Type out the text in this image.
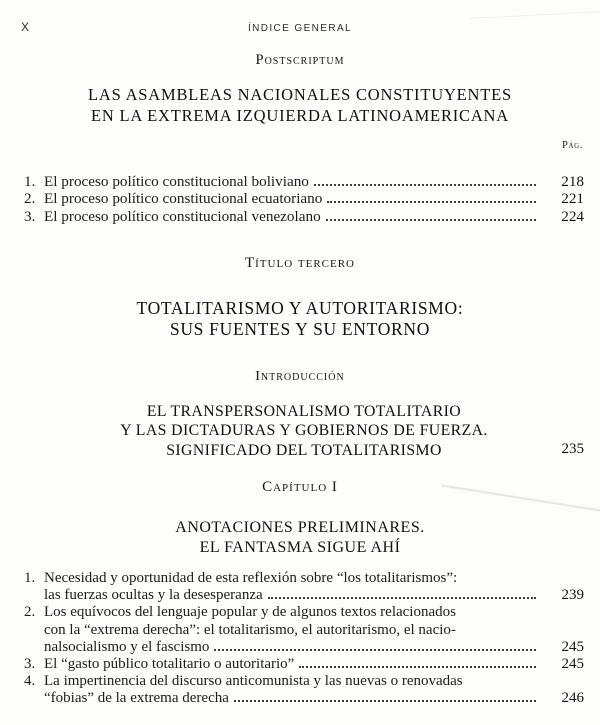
X	ÍNDICE GENERAL
Postscriptum
LAS ASAMBLEAS NACIONALES CONSTITUYENTES
EN LA EXTREMA IZQUIERDA LATINOAMERICANA
Pág.
1. El proceso político constitucional boliviano	218
2. El proceso político constitucional ecuatoriano	221
3. El proceso político constitucional venezolano	224
Título tercero
TOTALITARISMO Y AUTORITARISMO:
SUS FUENTES Y SU ENTORNO
Introducción
EL TRANSPERSONALISMO TOTALITARIO
Y LAS DICTADURAS Y GOBIERNOS DE FUERZA.
SIGNIFICADO DEL TOTALITARISMO	235
Capítulo I
ANOTACIONES PRELIMINARES.
EL FANTASMA SIGUE AHÍ
1. Necesidad y oportunidad de esta reflexión sobre “los totalitarismos”:
las fuerzas ocultas y la desesperanza	239
2. Los equívocos del lenguaje popular y de algunos textos relacionados
con la “extrema derecha”: el totalitarismo, el autoritarismo, el nacio-
nalsocialismo y el fascismo	245
3. El “gasto público totalitario o autoritario”	245
4. La impertinencia del discurso anticomunista y las nuevas o renovadas
“fobias” de la extrema derecha	246
